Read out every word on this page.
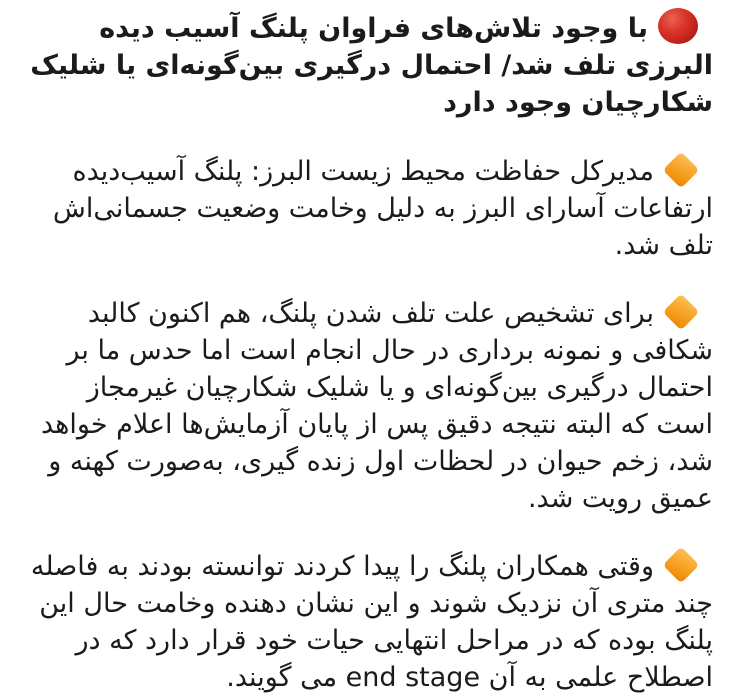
با وجود تلاش‌های فراوان پلنگ آسیب دیده البرزی تلف شد/ احتمال درگیری بین‌گونه‌ای یا شلیک شکارچیان وجود دارد

مدیرکل حفاظت محیط زیست البرز: پلنگ آسیب‌دیده ارتفاعات آسارای البرز به دلیل وخامت وضعیت جسمانی‌اش تلف شد.

برای تشخیص علت تلف شدن پلنگ، هم اکنون کالبد شکافی و نمونه برداری در حال انجام است اما حدس ما بر احتمال درگیری بین‌گونه‌ای و یا شلیک شکارچیان غیرمجاز است که البته نتیجه دقیق پس از پایان آزمایش‌ها اعلام خواهد شد، زخم حیوان در لحظات اول زنده گیری، به‌صورت کهنه و عمیق رویت شد.

وقتی همکاران پلنگ را پیدا کردند توانسته بودند به فاصله چند متری آن نزدیک شوند و این نشان دهنده وخامت حال این پلنگ بوده که در مراحل انتهایی حیات خود قرار دارد که در اصطلاح علمی به آن end stage می گویند.
